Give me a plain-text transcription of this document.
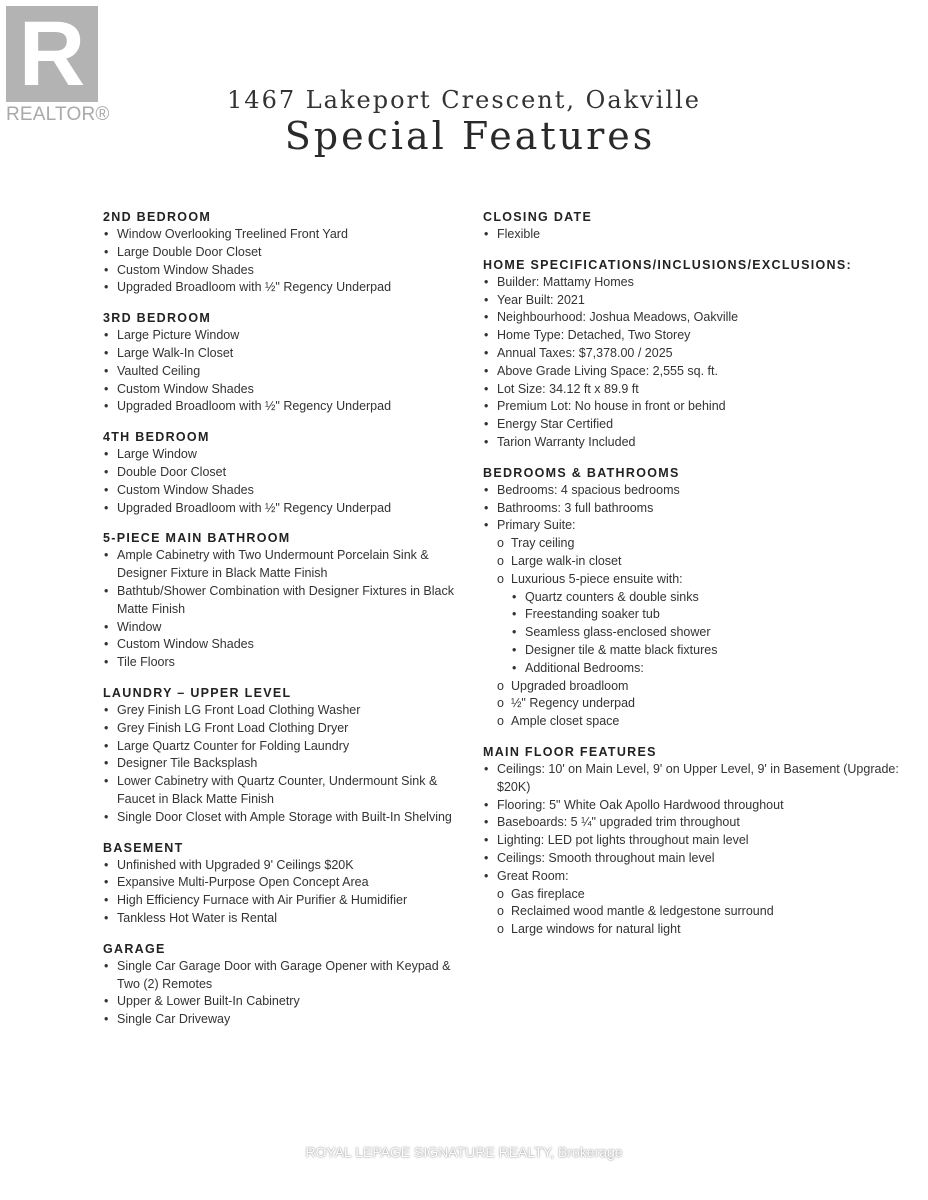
R
REALTOR®
1467 Lakeport Crescent, Oakville
Special Features
2ND BEDROOM
• Window Overlooking Treelined Front Yard
• Large Double Door Closet
• Custom Window Shades
• Upgraded Broadloom with ½" Regency Underpad
3RD BEDROOM
• Large Picture Window
• Large Walk-In Closet
• Vaulted Ceiling
• Custom Window Shades
• Upgraded Broadloom with ½" Regency Underpad
4TH BEDROOM
• Large Window
• Double Door Closet
• Custom Window Shades
• Upgraded Broadloom with ½" Regency Underpad
5-PIECE MAIN BATHROOM
• Ample Cabinetry with Two Undermount Porcelain Sink & Designer Fixture in Black Matte Finish
• Bathtub/Shower Combination with Designer Fixtures in Black Matte Finish
• Window
• Custom Window Shades
• Tile Floors
LAUNDRY – UPPER LEVEL
• Grey Finish LG Front Load Clothing Washer
• Grey Finish LG Front Load Clothing Dryer
• Large Quartz Counter for Folding Laundry
• Designer Tile Backsplash
• Lower Cabinetry with Quartz Counter, Undermount Sink & Faucet in Black Matte Finish
• Single Door Closet with Ample Storage with Built-In Shelving
BASEMENT
• Unfinished with Upgraded 9' Ceilings $20K
• Expansive Multi-Purpose Open Concept Area
• High Efficiency Furnace with Air Purifier & Humidifier
• Tankless Hot Water is Rental
GARAGE
• Single Car Garage Door with Garage Opener with Keypad & Two (2) Remotes
• Upper & Lower Built-In Cabinetry
• Single Car Driveway
CLOSING DATE
• Flexible
HOME SPECIFICATIONS/INCLUSIONS/EXCLUSIONS:
• Builder: Mattamy Homes
• Year Built: 2021
• Neighbourhood: Joshua Meadows, Oakville
• Home Type: Detached, Two Storey
• Annual Taxes: $7,378.00 / 2025
• Above Grade Living Space: 2,555 sq. ft.
• Lot Size: 34.12 ft x 89.9 ft
• Premium Lot: No house in front or behind
• Energy Star Certified
• Tarion Warranty Included
BEDROOMS & BATHROOMS
• Bedrooms: 4 spacious bedrooms
• Bathrooms: 3 full bathrooms
• Primary Suite:
o Tray ceiling
o Large walk-in closet
o Luxurious 5-piece ensuite with:
• Quartz counters & double sinks
• Freestanding soaker tub
• Seamless glass-enclosed shower
• Designer tile & matte black fixtures
• Additional Bedrooms:
o Upgraded broadloom
o ½" Regency underpad
o Ample closet space
MAIN FLOOR FEATURES
• Ceilings: 10' on Main Level, 9' on Upper Level, 9' in Basement (Upgrade: $20K)
• Flooring: 5" White Oak Apollo Hardwood throughout
• Baseboards: 5 ¼" upgraded trim throughout
• Lighting: LED pot lights throughout main level
• Ceilings: Smooth throughout main level
• Great Room:
o Gas fireplace
o Reclaimed wood mantle & ledgestone surround
o Large windows for natural light
ROYAL LEPAGE SIGNATURE REALTY, Brokerage
